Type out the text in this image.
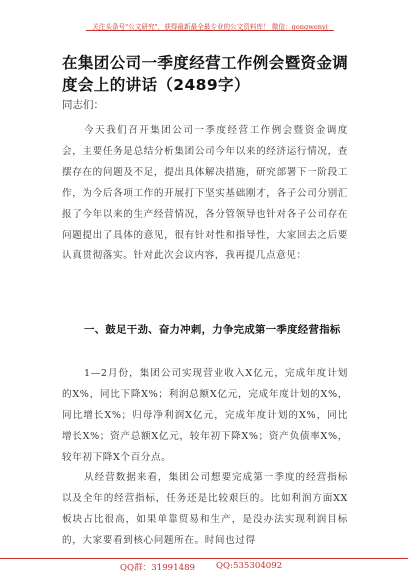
关注头条号"公文研究"，获得最新最全最专业的公文资料库！ 微信：gongwenyj
在集团公司一季度经营工作例会暨资金调度会上的讲话（2489字）
同志们：
今天我们召开集团公司一季度经营工作例会暨资金调度会，主要任务是总结分析集团公司今年以来的经济运行情况，查摆存在的问题及不足，提出具体解决措施，研究部署下一阶段工作，为今后各项工作的开展打下坚实基础刚才，各子公司分别汇报了今年以来的生产经营情况，各分管领导也针对各子公司存在问题提出了具体的意见，很有针对性和指导性，大家回去之后要认真贯彻落实。针对此次会议内容，我再提几点意见：
一、鼓足干劲、奋力冲刺，力争完成第一季度经营指标
1—2月份，集团公司实现营业收入X亿元，完成年度计划的X%，同比下降X%；利润总额X亿元，完成年度计划的X%，同比增长X%；归母净利润X亿元，完成年度计划的X%，同比增长X%；资产总额X亿元，较年初下降X%；资产负债率X%，较年初下降X个百分点。
从经营数据来看，集团公司想要完成第一季度的经营指标以及全年的经营指标，任务还是比较艰巨的。比如利润方面XX板块占比很高，如果单靠贸易和生产，是没办法实现利润目标的，大家要看到核心问题所在。时间也过得
QQ群：31991489 QQ:535304092
